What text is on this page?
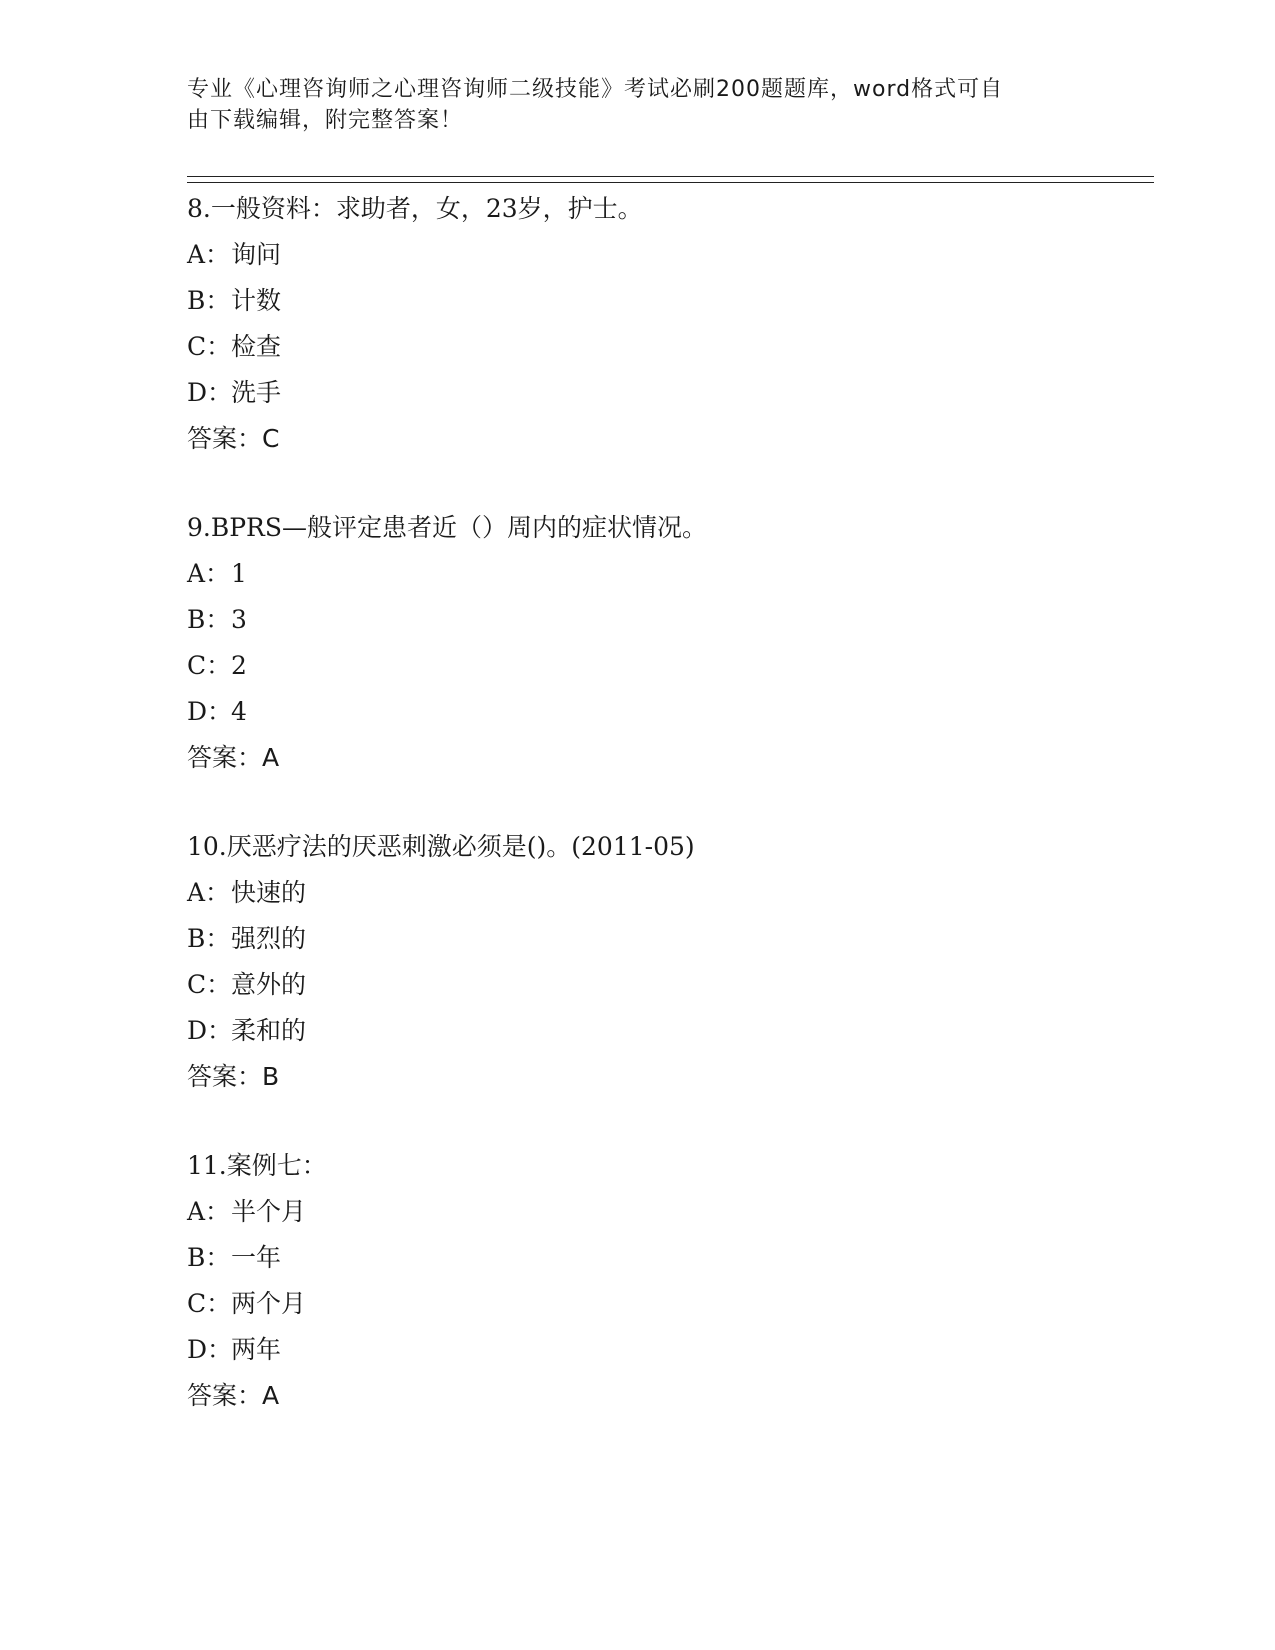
专业《心理咨询师之心理咨询师二级技能》考试必刷200题题库，word格式可自
由下载编辑，附完整答案！
8.一般资料：求助者，女，23岁，护士。
A：询问
B：计数
C：检查
D：洗手
答案：C
9.BPRS—般评定患者近（）周内的症状情况。
A：1
B：3
C：2
D：4
答案：A
10.厌恶疗法的厌恶刺激必须是()。(2011-05)
A：快速的
B：强烈的
C：意外的
D：柔和的
答案：B
11.案例七：
A：半个月
B：一年
C：两个月
D：两年
答案：A
